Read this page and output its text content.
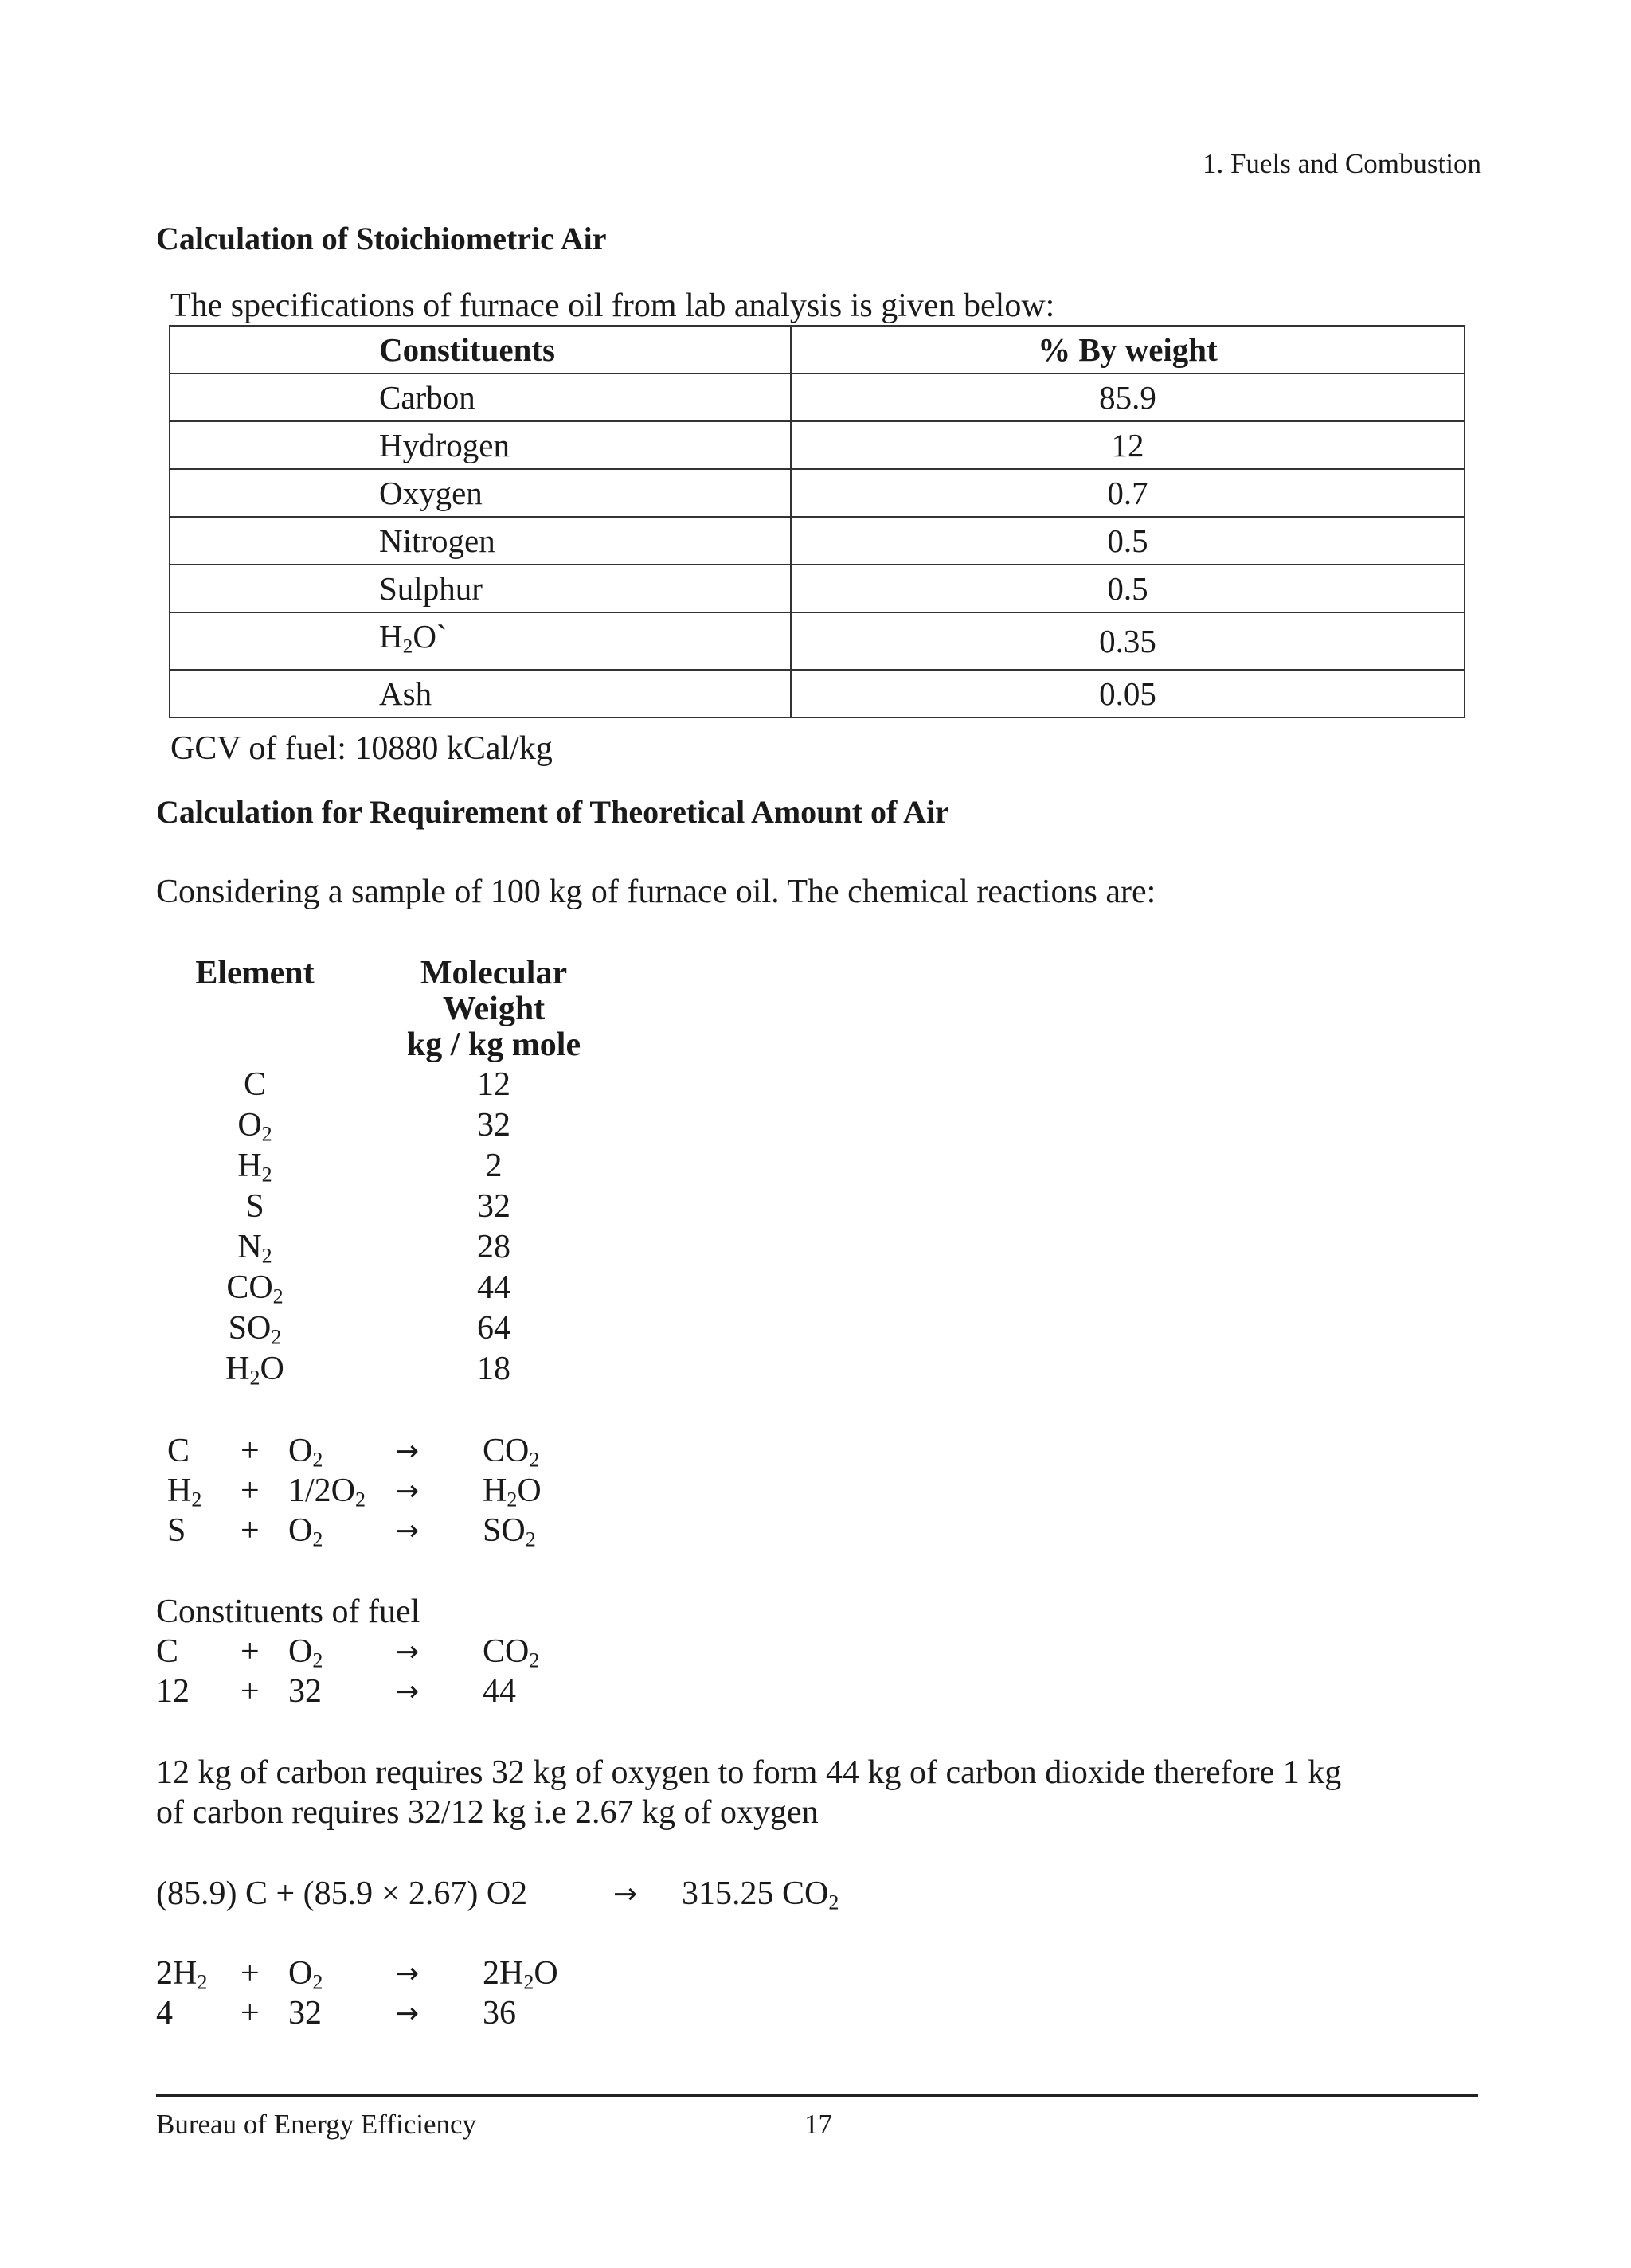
1. Fuels and Combustion
Calculation of Stoichiometric Air
The specifications of furnace oil from lab analysis is given below:
Constituents	% By weight
Carbon	85.9
Hydrogen	12
Oxygen	0.7
Nitrogen	0.5
Sulphur	0.5
$H_2O`$	0.35
Ash	0.05
GCV of fuel: 10880 kCal/kg
Calculation for Requirement of Theoretical Amount of Air
Considering a sample of 100 kg of furnace oil. The chemical reactions are:
Element	Molecular
Weight
kg / kg mole
C	12
$O_2$	32
$H_2$	2
S	32
$N_2$	28
$CO_2$	44
$SO_2$	64
$H_2O$	18
$C + O_2$	→ $CO_2$
$H_2 + 1/2O_2 \to H_2O$
$S + O_2$	→ $SO_2$
Constituents of fuel
$C + O_2$	→ $CO_2$
12 + 32	→ 44
12 kg of carbon requires 32 kg of oxygen to form 44 kg of carbon dioxide therefore 1 kg
of carbon requires 32/12 kg i.e 2.67 kg of oxygen
(85.9) C + (85.9 × 2.67) O2	→ 315.25 $CO_2$
$2H_2 + O_2$	→ $2H_2O$
4 + 32	→ 36
Bureau of Energy Efficiency	17
